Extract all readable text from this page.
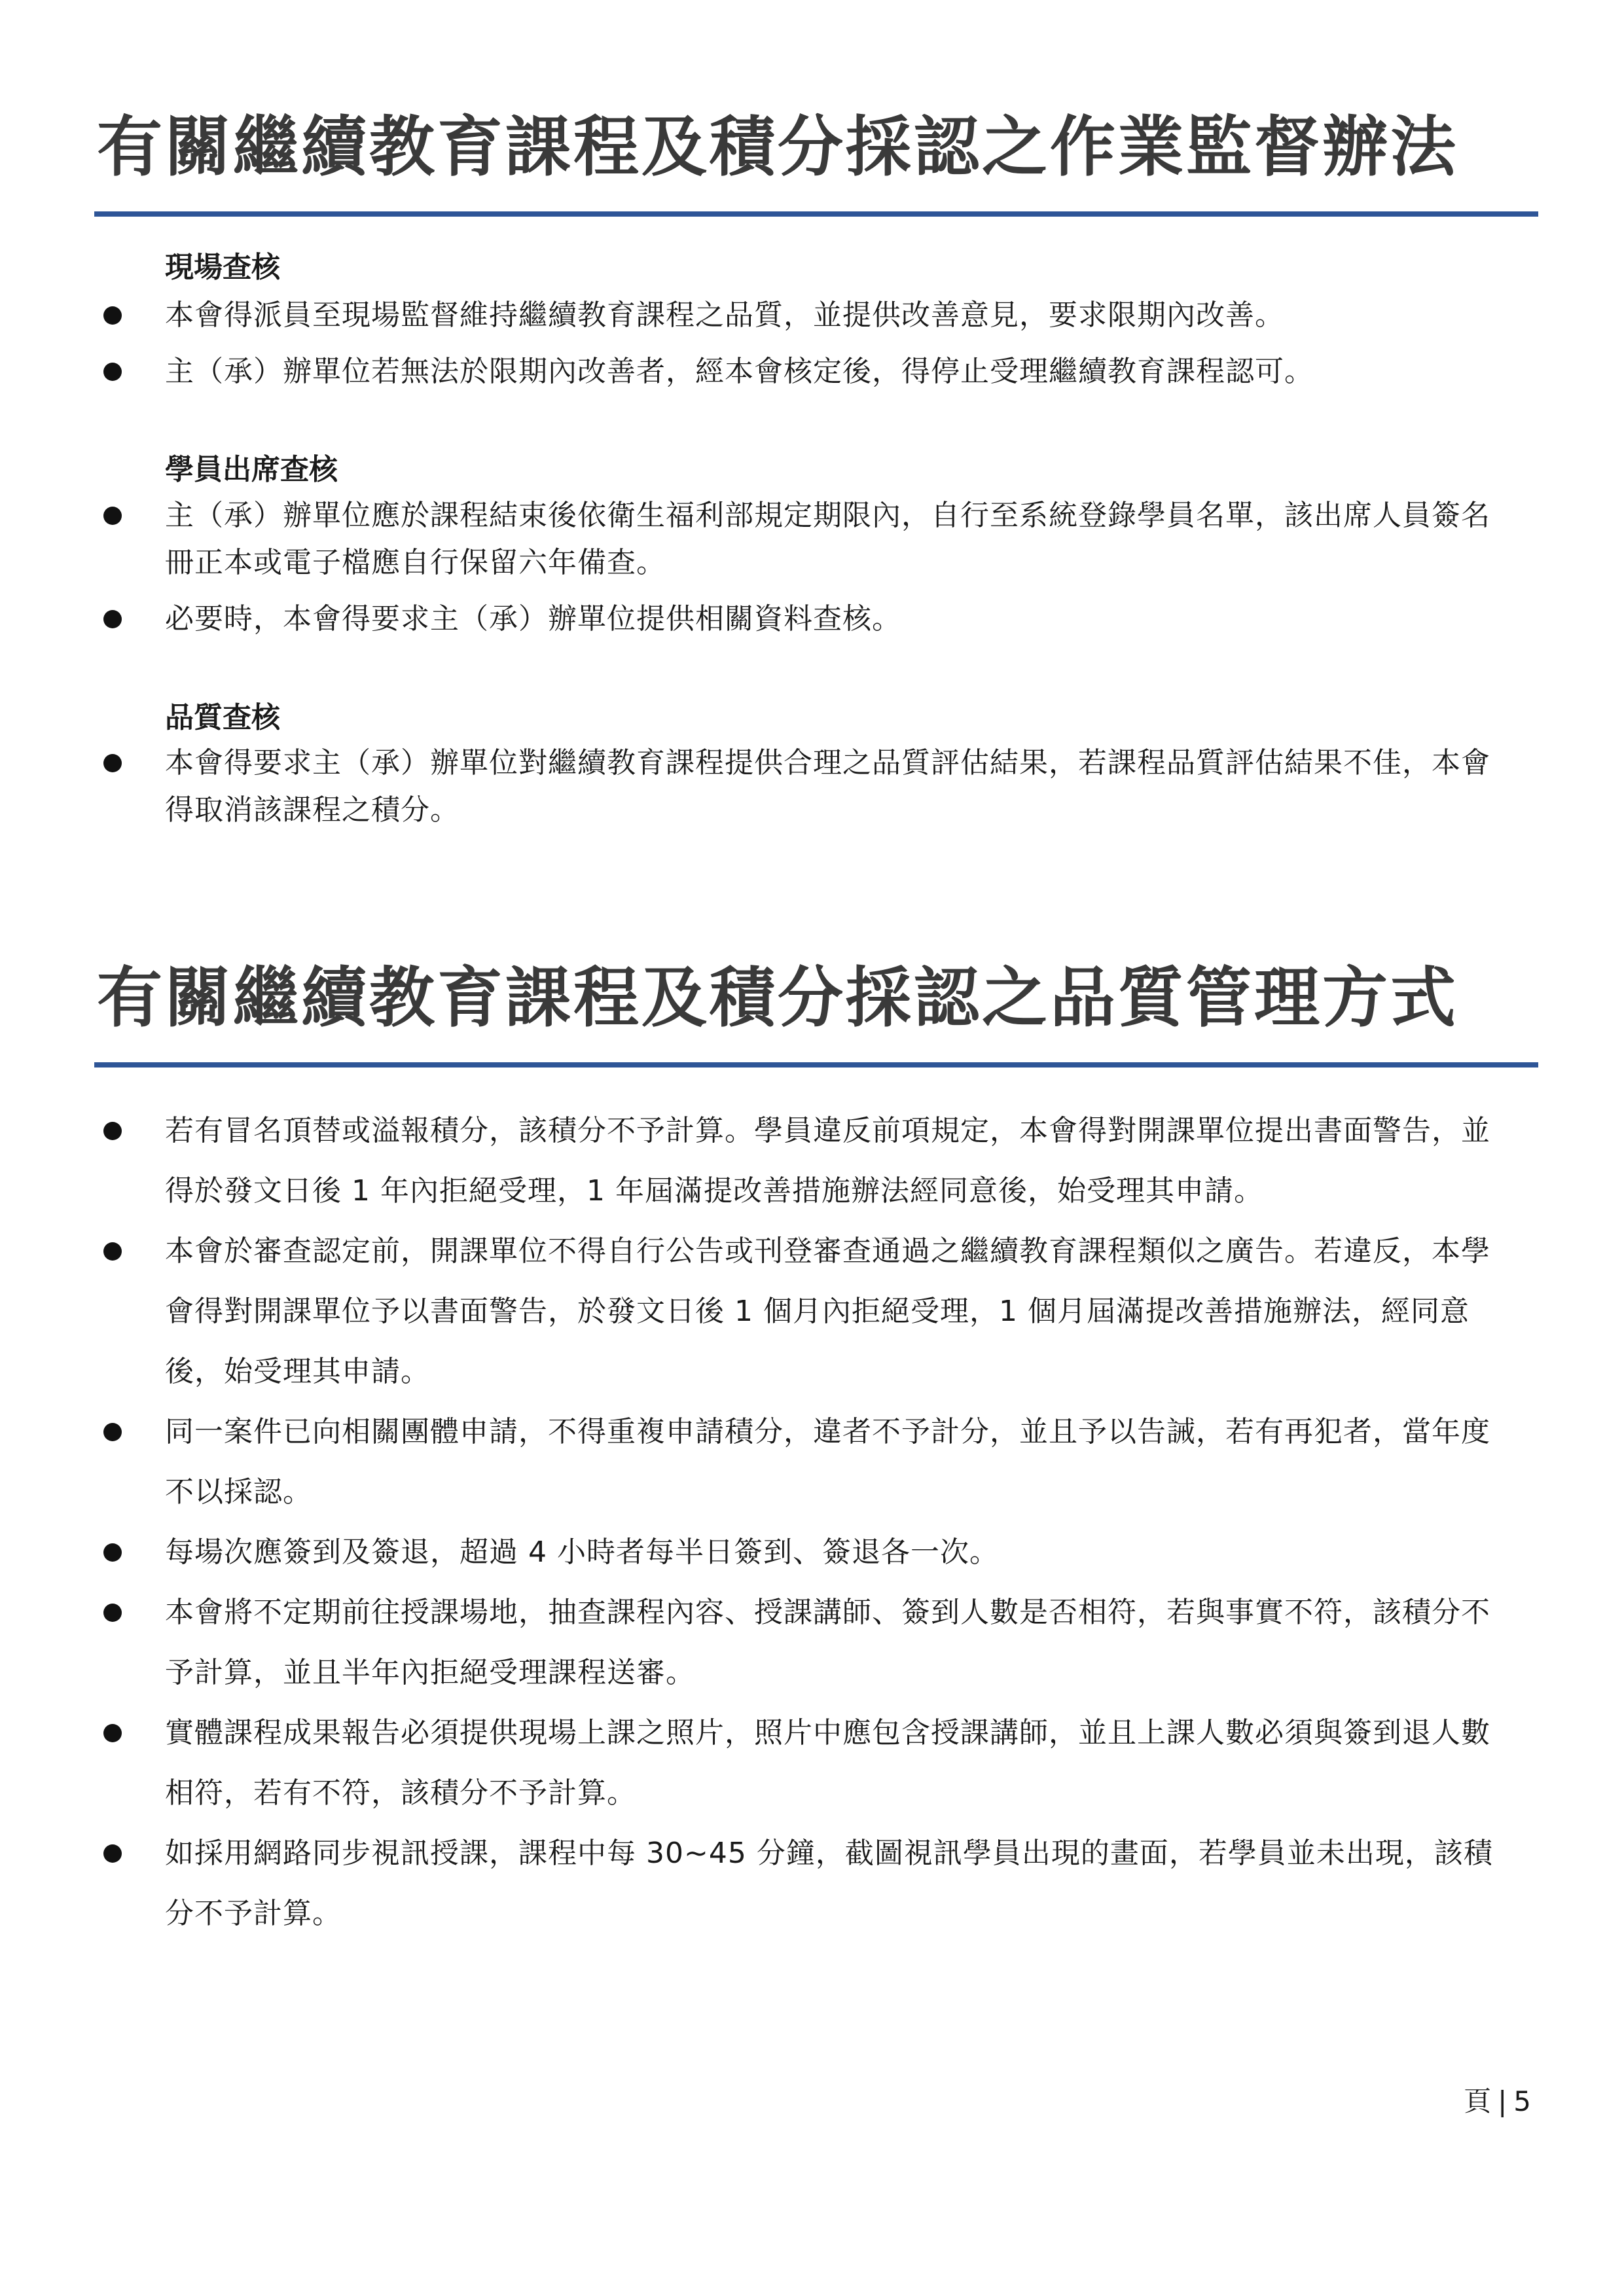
有關繼續教育課程及積分採認之作業監督辦法
現場查核
本會得派員至現場監督維持繼續教育課程之品質，並提供改善意見，要求限期內改善。
主（承）辦單位若無法於限期內改善者，經本會核定後，得停止受理繼續教育課程認可。
學員出席查核
主（承）辦單位應於課程結束後依衛生福利部規定期限內，自行至系統登錄學員名單，該出席人員簽名冊正本或電子檔應自行保留六年備查。
必要時，本會得要求主（承）辦單位提供相關資料查核。
品質查核
本會得要求主（承）辦單位對繼續教育課程提供合理之品質評估結果，若課程品質評估結果不佳，本會得取消該課程之積分。
有關繼續教育課程及積分採認之品質管理方式
若有冒名頂替或溢報積分，該積分不予計算。學員違反前項規定，本會得對開課單位提出書面警告，並得於發文日後 1 年內拒絕受理，1 年屆滿提改善措施辦法經同意後，始受理其申請。
本會於審查認定前，開課單位不得自行公告或刊登審查通過之繼續教育課程類似之廣告。若違反，本學會得對開課單位予以書面警告，於發文日後 1 個月內拒絕受理，1 個月屆滿提改善措施辦法，經同意後，始受理其申請。
同一案件已向相關團體申請，不得重複申請積分，違者不予計分，並且予以告誡，若有再犯者，當年度不以採認。
每場次應簽到及簽退，超過 4 小時者每半日簽到、簽退各一次。
本會將不定期前往授課場地，抽查課程內容、授課講師、簽到人數是否相符，若與事實不符，該積分不予計算，並且半年內拒絕受理課程送審。
實體課程成果報告必須提供現場上課之照片，照片中應包含授課講師，並且上課人數必須與簽到退人數相符，若有不符，該積分不予計算。
如採用網路同步視訊授課，課程中每 30~45 分鐘，截圖視訊學員出現的畫面，若學員並未出現，該積分不予計算。
頁 | 5
